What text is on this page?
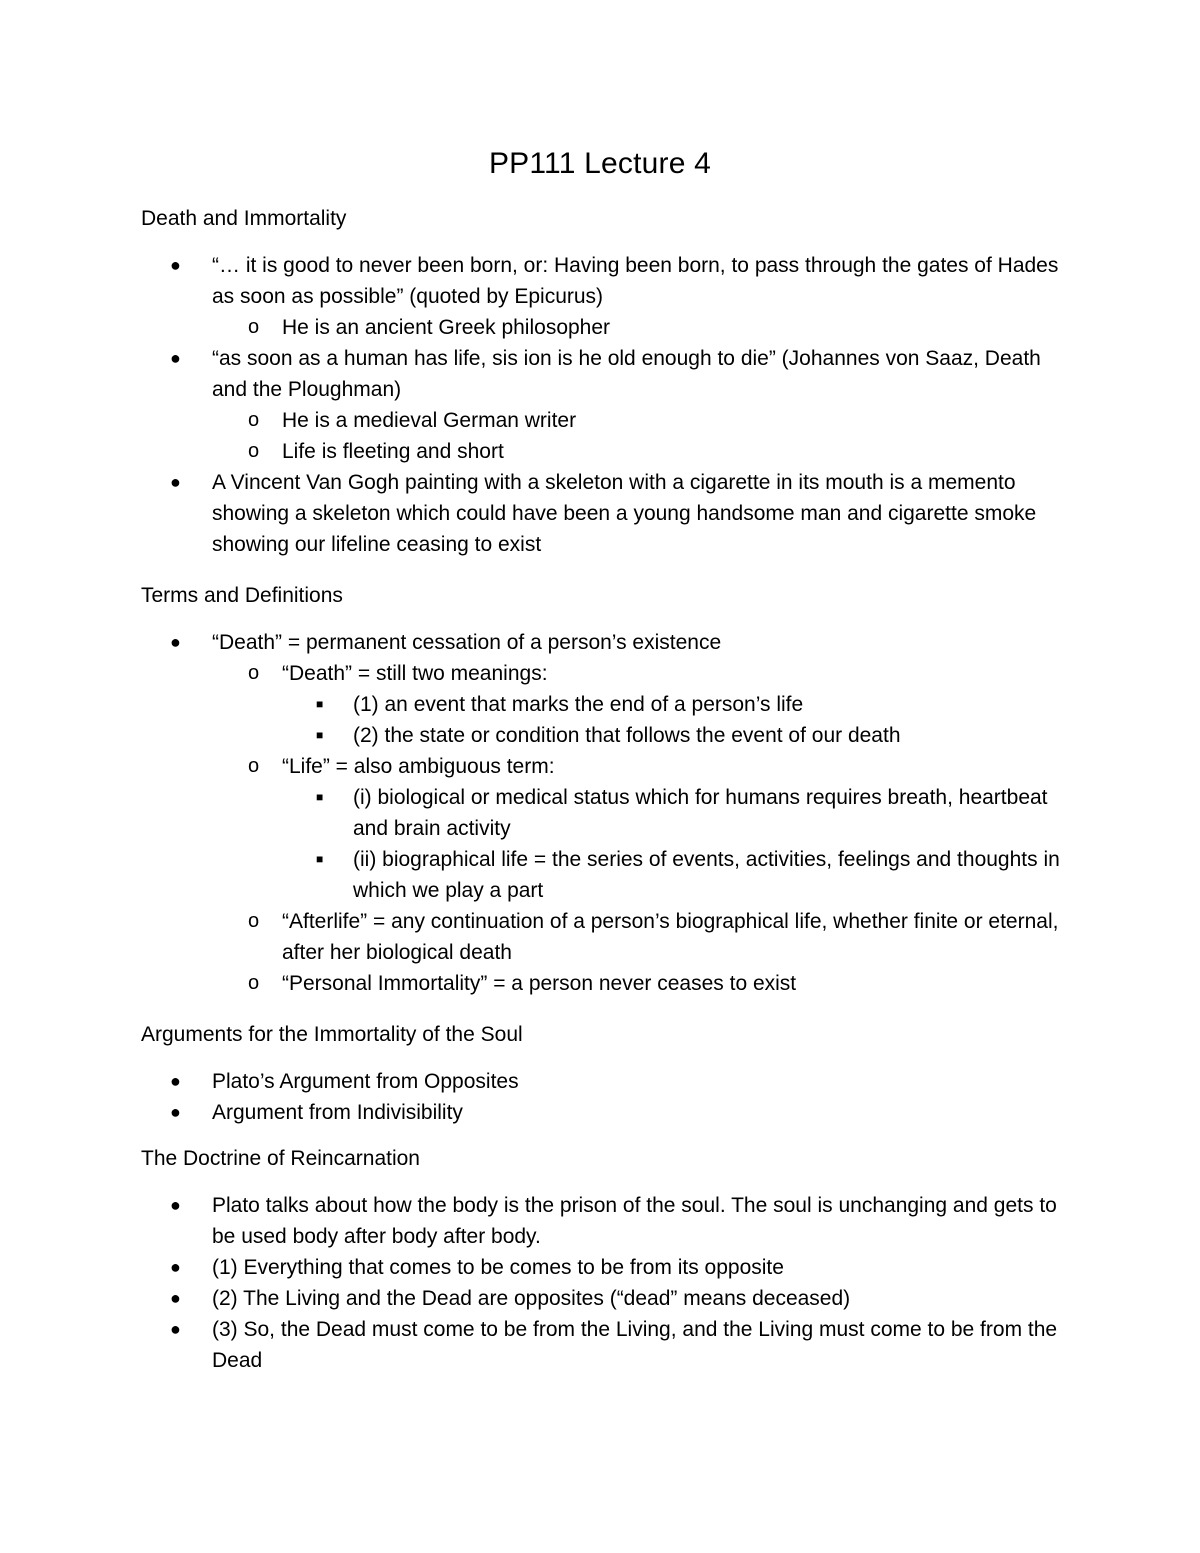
PP111 Lecture 4

Death and Immortality

● “… it is good to never been born, or: Having been born, to pass through the gates of Hades as soon as possible” (quoted by Epicurus)
o He is an ancient Greek philosopher
● “as soon as a human has life, sis ion is he old enough to die” (Johannes von Saaz, Death and the Ploughman)
o He is a medieval German writer
o Life is fleeting and short
● A Vincent Van Gogh painting with a skeleton with a cigarette in its mouth is a memento showing a skeleton which could have been a young handsome man and cigarette smoke showing our lifeline ceasing to exist

Terms and Definitions

● “Death” = permanent cessation of a person’s existence
o “Death” = still two meanings:
■ (1) an event that marks the end of a person’s life
■ (2) the state or condition that follows the event of our death
o “Life” = also ambiguous term:
■ (i) biological or medical status which for humans requires breath, heartbeat and brain activity
■ (ii) biographical life = the series of events, activities, feelings and thoughts in which we play a part
o “Afterlife” = any continuation of a person’s biographical life, whether finite or eternal, after her biological death
o “Personal Immortality” = a person never ceases to exist

Arguments for the Immortality of the Soul

● Plato’s Argument from Opposites
● Argument from Indivisibility

The Doctrine of Reincarnation

● Plato talks about how the body is the prison of the soul. The soul is unchanging and gets to be used body after body after body.
● (1) Everything that comes to be comes to be from its opposite
● (2) The Living and the Dead are opposites (“dead” means deceased)
● (3) So, the Dead must come to be from the Living, and the Living must come to be from the Dead
